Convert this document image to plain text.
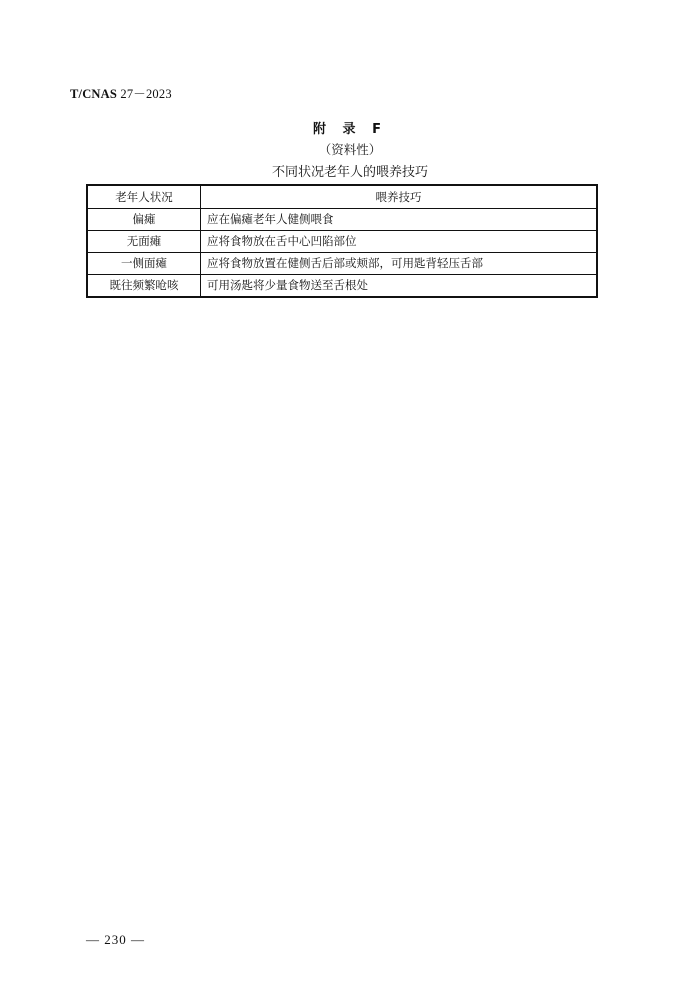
T/CNAS 27－2023
附 录 F
（资料性）
不同状况老年人的喂养技巧
老年人状况	喂养技巧
偏瘫	应在偏瘫老年人健侧喂食
无面瘫	应将食物放在舌中心凹陷部位
一侧面瘫	应将食物放置在健侧舌后部或颊部，可用匙背轻压舌部
既往频繁呛咳	可用汤匙将少量食物送至舌根处
— 230 —
